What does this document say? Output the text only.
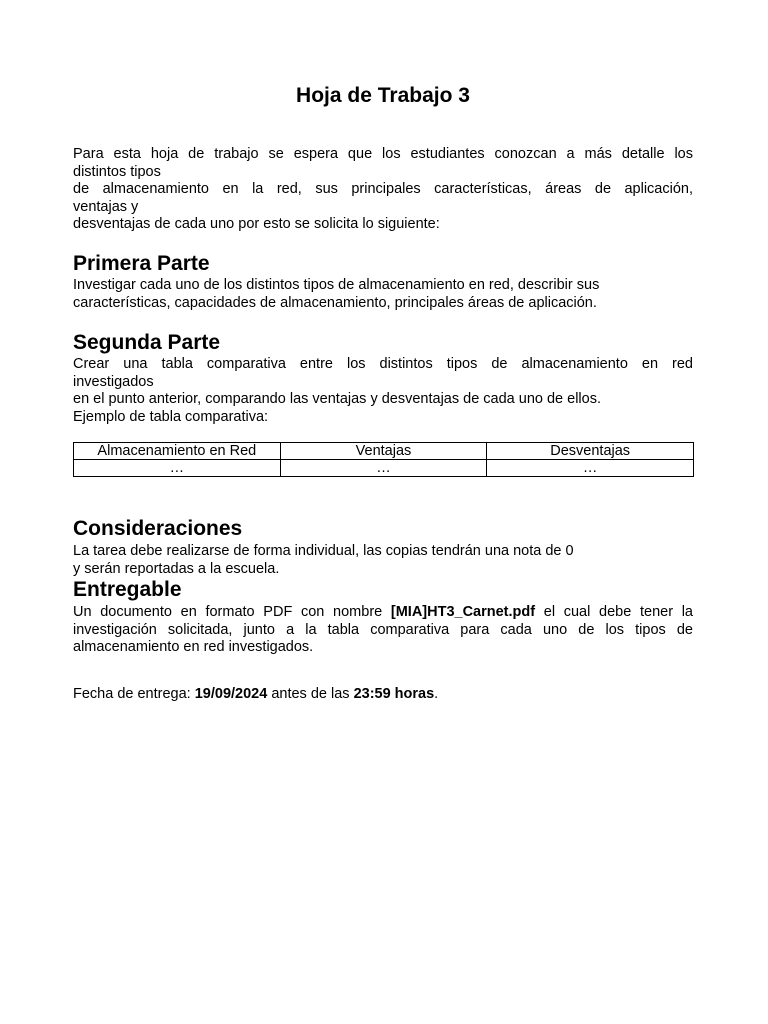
Hoja de Trabajo 3
Para esta hoja de trabajo se espera que los estudiantes conozcan a más detalle los
distintos tipos
de almacenamiento en la red, sus principales características, áreas de aplicación,
ventajas y
desventajas de cada uno por esto se solicita lo siguiente:
Primera Parte
Investigar cada uno de los distintos tipos de almacenamiento en red, describir sus
características, capacidades de almacenamiento, principales áreas de aplicación.
Segunda Parte
Crear una tabla comparativa entre los distintos tipos de almacenamiento en red
investigados
en el punto anterior, comparando las ventajas y desventajas de cada uno de ellos.
Ejemplo de tabla comparativa:
Almacenamiento en Red	Ventajas	Desventajas
…	…	…
Consideraciones
La tarea debe realizarse de forma individual, las copias tendrán una nota de 0
y serán reportadas a la escuela.
Entregable
Un documento en formato PDF con nombre [MIA]HT3_Carnet.pdf el cual debe tener la
investigación solicitada, junto a la tabla comparativa para cada uno de los tipos de
almacenamiento en red investigados.
Fecha de entrega: 19/09/2024 antes de las 23:59 horas.
